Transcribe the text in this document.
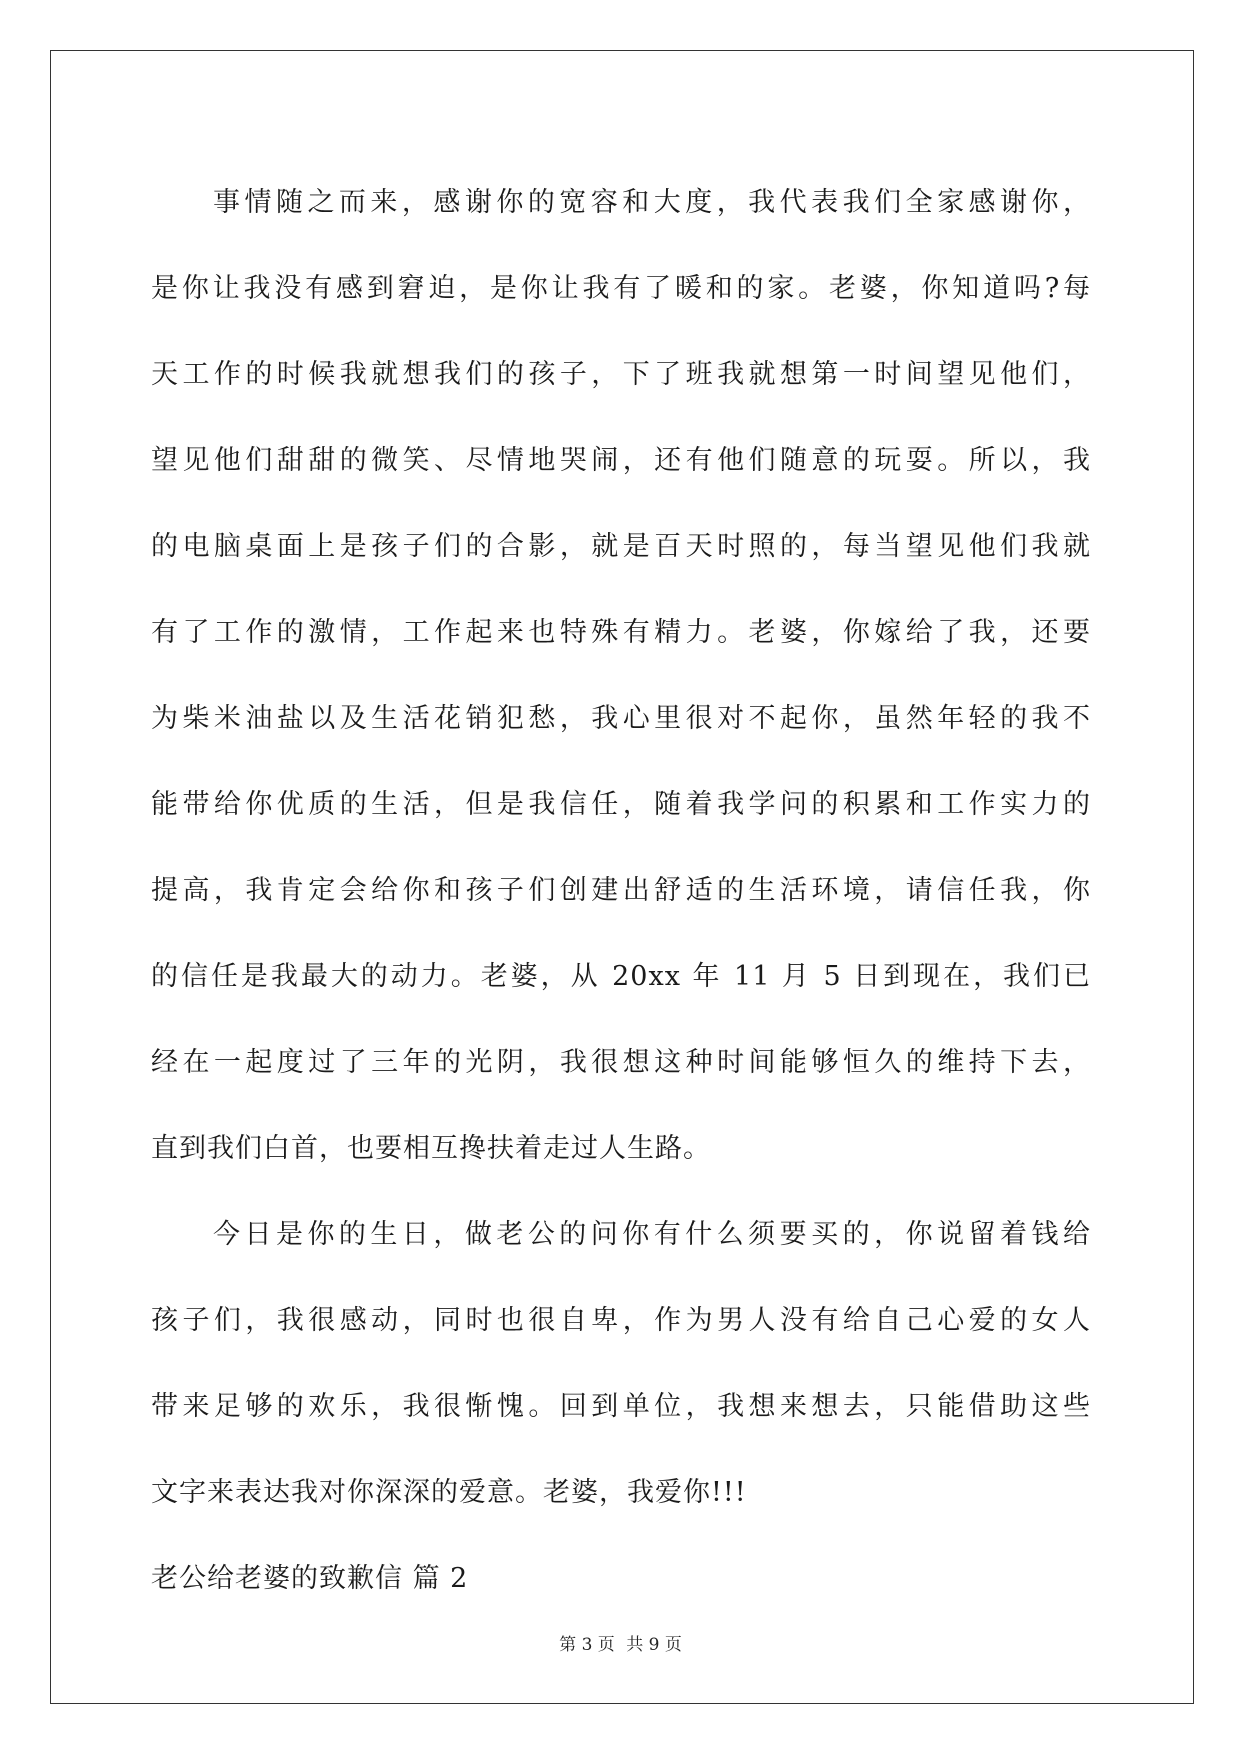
事情随之而来，感谢你的宽容和大度，我代表我们全家感谢你，
是你让我没有感到窘迫，是你让我有了暖和的家。老婆，你知道吗?每
天工作的时候我就想我们的孩子，下了班我就想第一时间望见他们，
望见他们甜甜的微笑、尽情地哭闹，还有他们随意的玩耍。所以，我
的电脑桌面上是孩子们的合影，就是百天时照的，每当望见他们我就
有了工作的激情，工作起来也特殊有精力。老婆，你嫁给了我，还要
为柴米油盐以及生活花销犯愁，我心里很对不起你，虽然年轻的我不
能带给你优质的生活，但是我信任，随着我学问的积累和工作实力的
提高，我肯定会给你和孩子们创建出舒适的生活环境，请信任我，你
的信任是我最大的动力。老婆，从 20xx 年 11 月 5 日到现在，我们已
经在一起度过了三年的光阴，我很想这种时间能够恒久的维持下去，
直到我们白首，也要相互搀扶着走过人生路。
今日是你的生日，做老公的问你有什么须要买的，你说留着钱给
孩子们，我很感动，同时也很自卑，作为男人没有给自己心爱的女人
带来足够的欢乐，我很惭愧。回到单位，我想来想去，只能借助这些
文字来表达我对你深深的爱意。老婆，我爱你!!!
老公给老婆的致歉信 篇 2
第 3 页 共 9 页
